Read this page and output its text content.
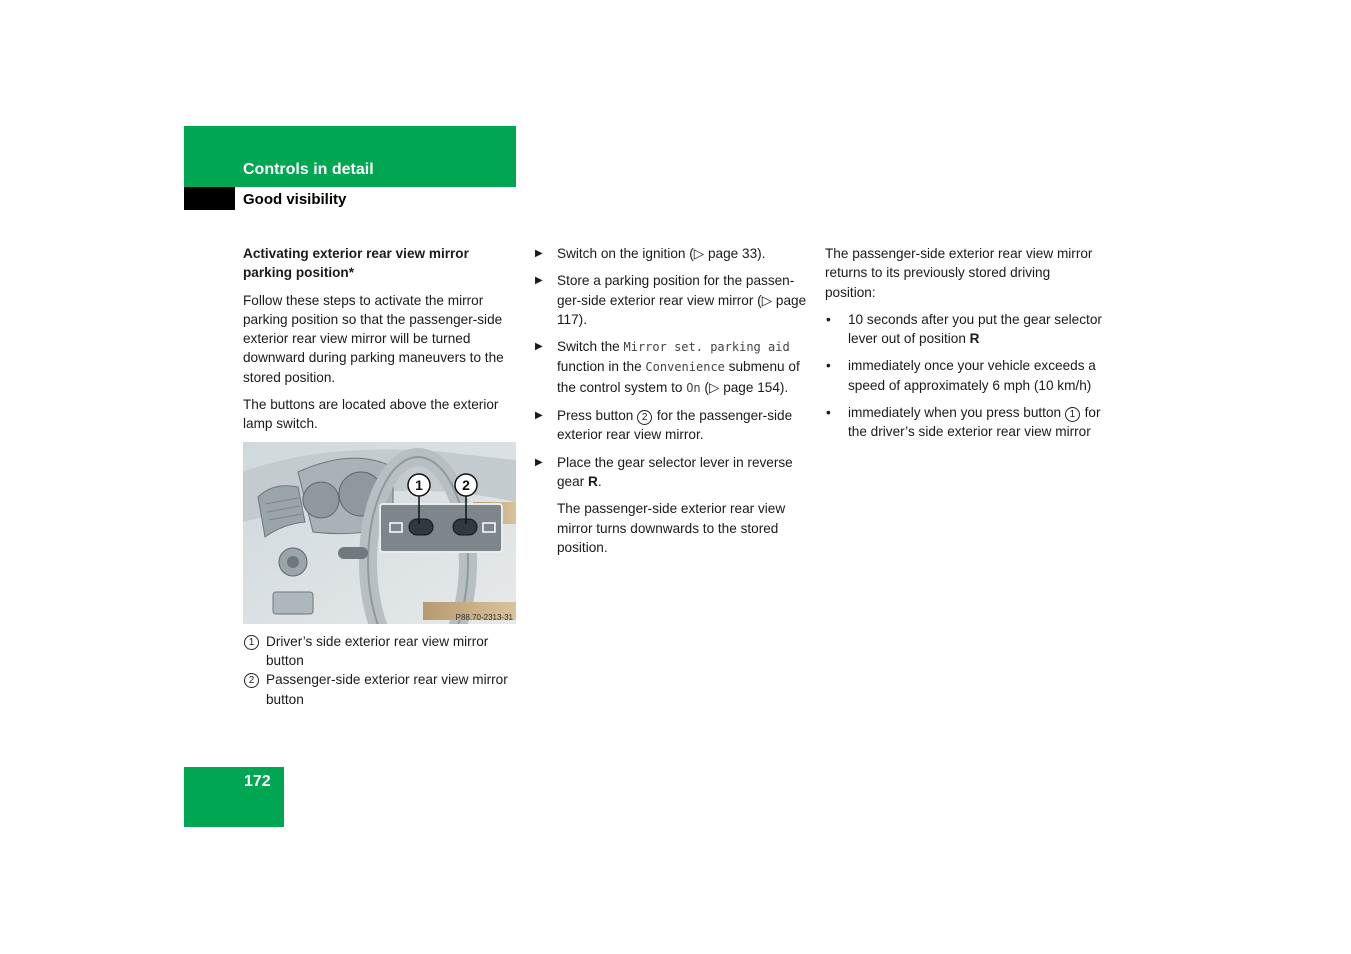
Controls in detail
Good visibility
Activating exterior rear view mirror parking position*

Follow these steps to activate the mirror parking position so that the passenger-side exterior rear view mirror will be turned downward during parking maneuvers to the stored position.

The buttons are located above the exterior lamp switch.

1	2
P88.70-2313-31
1 Driver’s side exterior rear view mirror button
2 Passenger-side exterior rear view mirror button
▶ Switch on the ignition (▷ page 33).
▶ Store a parking position for the passenger-side exterior rear view mirror (▷ page 117).
▶ Switch the Mirror set. parking aid function in the Convenience submenu of the control system to On (▷ page 154).
▶ Press button 2 for the passenger-side exterior rear view mirror.
▶ Place the gear selector lever in reverse gear R.

The passenger-side exterior rear view mirror turns downwards to the stored position.

The passenger-side exterior rear view mirror returns to its previously stored driving position:

• 10 seconds after you put the gear selector lever out of position R
• immediately once your vehicle exceeds a speed of approximately 6 mph (10 km/h)
• immediately when you press button 1 for the driver’s side exterior rear view mirror
172
